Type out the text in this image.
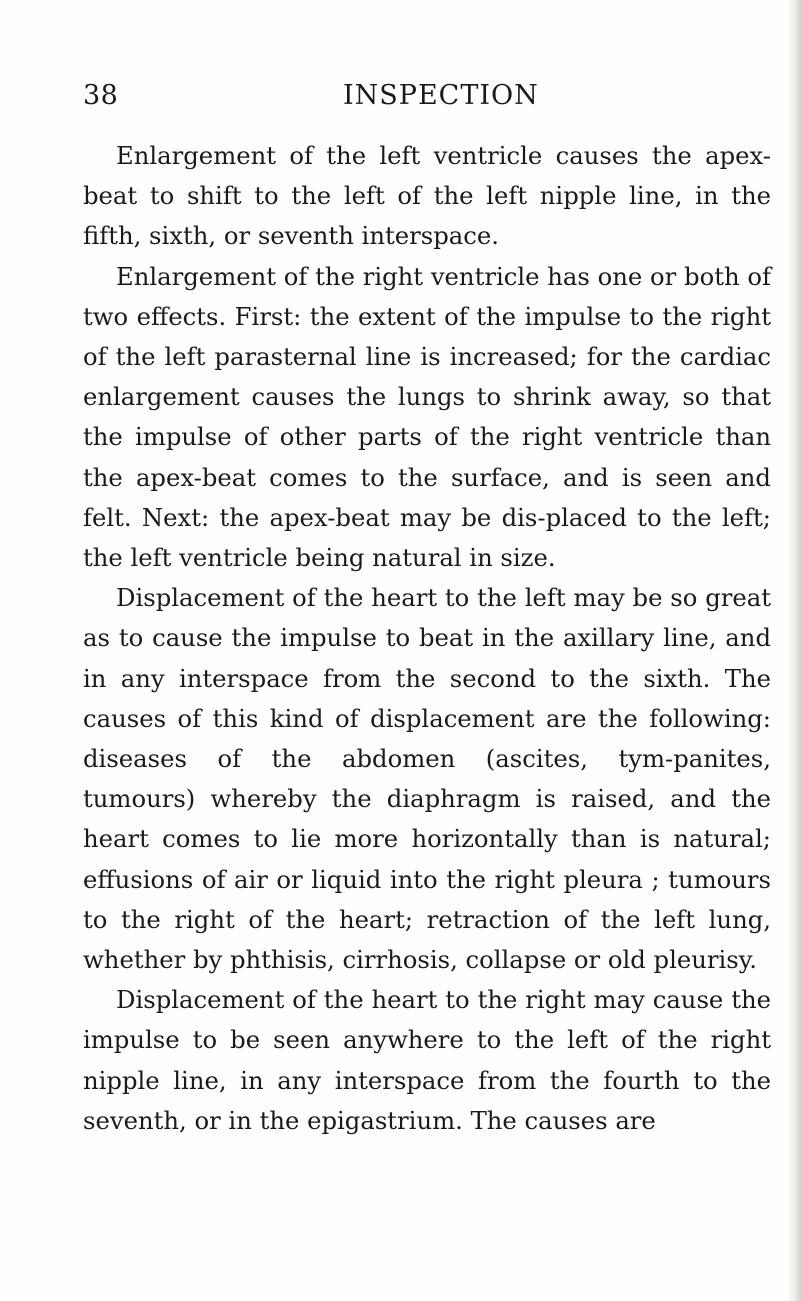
38	INSPECTION

Enlargement of the left ventricle causes the apex-beat to shift to the left of the left nipple line, in the fifth, sixth, or seventh interspace.

Enlargement of the right ventricle has one or both of two effects. First: the extent of the impulse to the right of the left parasternal line is increased; for the cardiac enlargement causes the lungs to shrink away, so that the impulse of other parts of the right ventricle than the apex-beat comes to the surface, and is seen and felt. Next: the apex-beat may be dis-placed to the left; the left ventricle being natural in size.

Displacement of the heart to the left may be so great as to cause the impulse to beat in the axillary line, and in any interspace from the second to the sixth. The causes of this kind of displacement are the following: diseases of the abdomen (ascites, tym-panites, tumours) whereby the diaphragm is raised, and the heart comes to lie more horizontally than is natural; effusions of air or liquid into the right pleura ; tumours to the right of the heart; retraction of the left lung, whether by phthisis, cirrhosis, collapse or old pleurisy.

Displacement of the heart to the right may cause the impulse to be seen anywhere to the left of the right nipple line, in any interspace from the fourth to the seventh, or in the epigastrium. The causes are
